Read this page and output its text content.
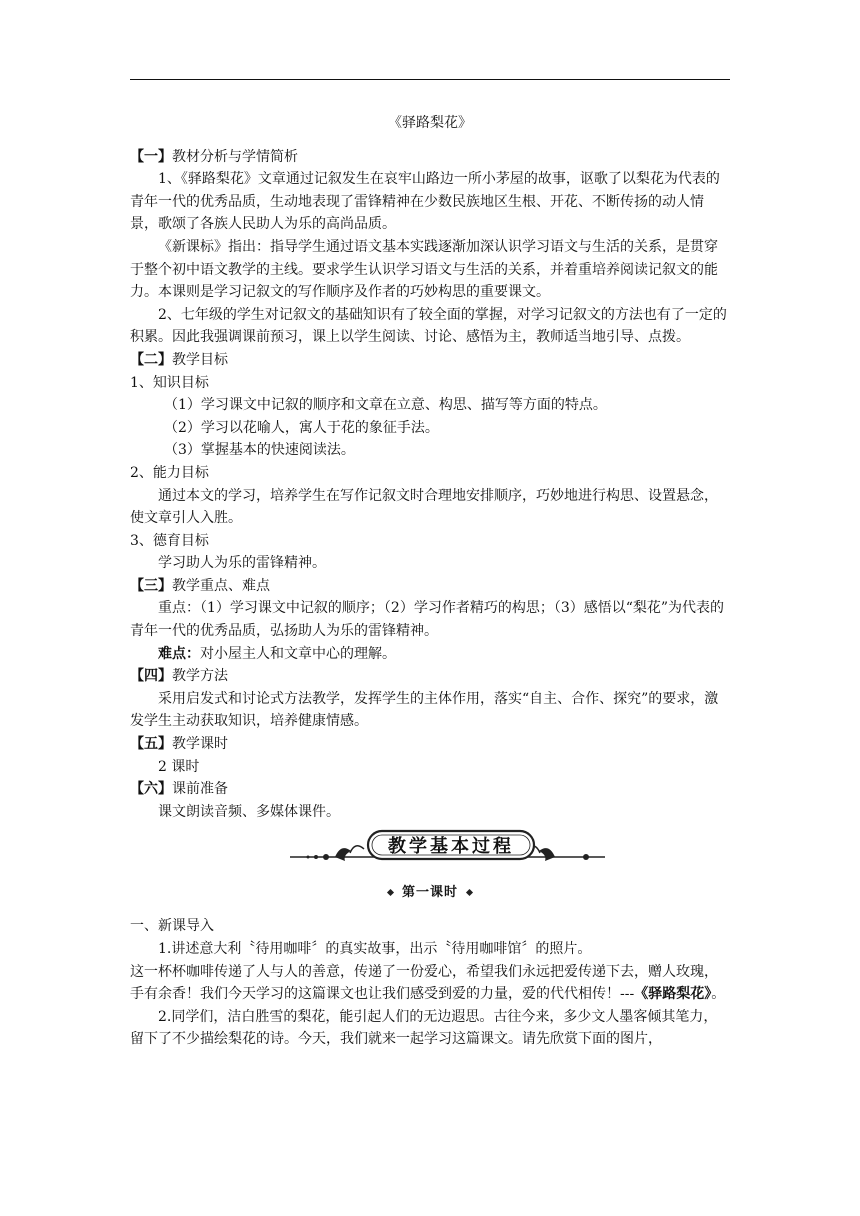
《驿路梨花》

【一】教材分析与学情简析

1、《驿路梨花》文章通过记叙发生在哀牢山路边一所小茅屋的故事，讴歌了以梨花为代表的青年一代的优秀品质，生动地表现了雷锋精神在少数民族地区生根、开花、不断传扬的动人情景，歌颂了各族人民助人为乐的高尚品质。

《新课标》指出：指导学生通过语文基本实践逐渐加深认识学习语文与生活的关系，是贯穿于整个初中语文教学的主线。要求学生认识学习语文与生活的关系，并着重培养阅读记叙文的能力。本课则是学习记叙文的写作顺序及作者的巧妙构思的重要课文。

2、七年级的学生对记叙文的基础知识有了较全面的掌握，对学习记叙文的方法也有了一定的积累。因此我强调课前预习，课上以学生阅读、讨论、感悟为主，教师适当地引导、点拨。

【二】教学目标

1、知识目标

（1）学习课文中记叙的顺序和文章在立意、构思、描写等方面的特点。

（2）学习以花喻人，寓人于花的象征手法。

（3）掌握基本的快速阅读法。

2、能力目标

通过本文的学习，培养学生在写作记叙文时合理地安排顺序，巧妙地进行构思、设置悬念，使文章引人入胜。

3、德育目标

学习助人为乐的雷锋精神。

【三】教学重点、难点

重点：（1）学习课文中记叙的顺序；（2）学习作者精巧的构思；（3）感悟以“梨花”为代表的青年一代的优秀品质，弘扬助人为乐的雷锋精神。

难点：对小屋主人和文章中心的理解。

【四】教学方法

采用启发式和讨论式方法教学，发挥学生的主体作用，落实“自主、合作、探究”的要求，激发学生主动获取知识，培养健康情感。

【五】教学课时

2 课时

【六】课前准备

课文朗读音频、多媒体课件。

教学基本过程
第一课时

一、新课导入

1.讲述意大利〝待用咖啡〞的真实故事，出示〝待用咖啡馆〞的照片。

这一杯杯咖啡传递了人与人的善意，传递了一份爱心，希望我们永远把爱传递下去，赠人玫瑰，手有余香！我们今天学习的这篇课文也让我们感受到爱的力量，爱的代代相传！---《驿路梨花》。

2.同学们，洁白胜雪的梨花，能引起人们的无边遐思。古往今来，多少文人墨客倾其笔力，留下了不少描绘梨花的诗。今天，我们就来一起学习这篇课文。请先欣赏下面的图片，
